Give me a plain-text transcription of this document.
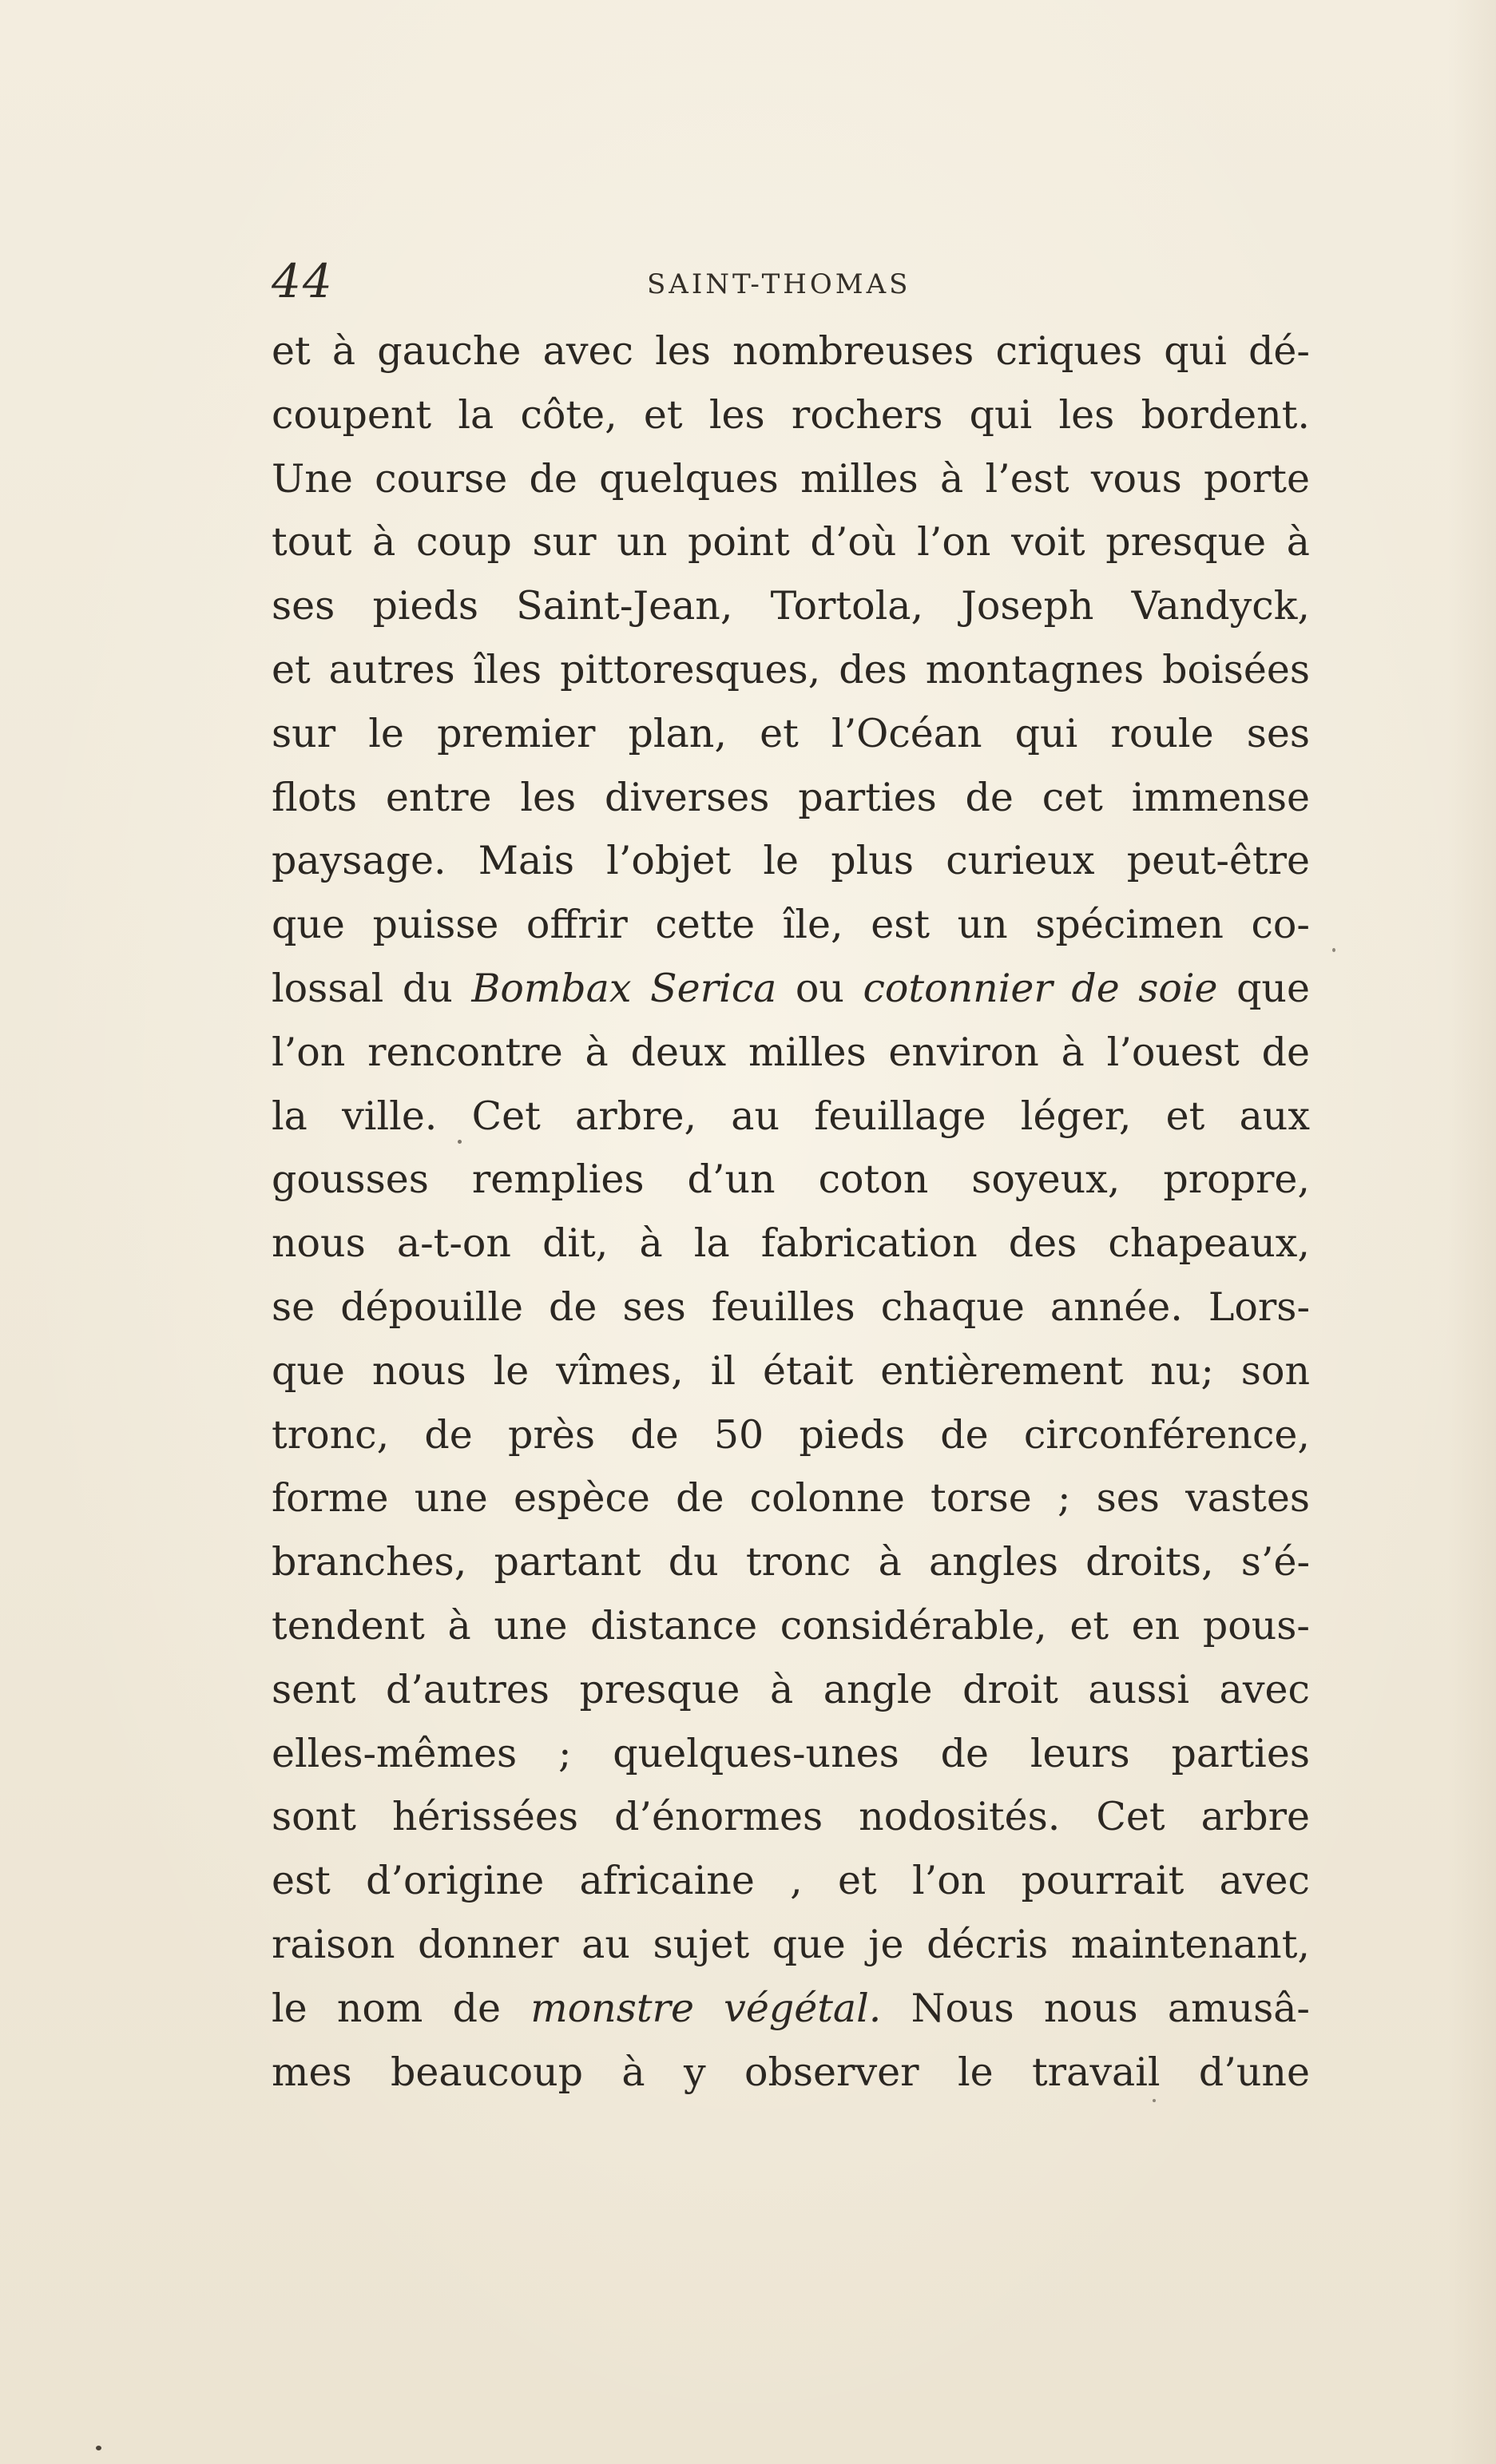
44	SAINT-THOMAS
et à gauche avec les nombreuses criques qui dé-
coupent la côte, et les rochers qui les bordent.
Une course de quelques milles à l’est vous porte
tout à coup sur un point d’où l’on voit presque à
ses pieds Saint-Jean, Tortola, Joseph Vandyck,
et autres îles pittoresques, des montagnes boisées
sur le premier plan, et l’Océan qui roule ses
flots entre les diverses parties de cet immense
paysage. Mais l’objet le plus curieux peut-être
que puisse offrir cette île, est un spécimen co-
lossal du Bombax Serica ou cotonnier de soie que
l’on rencontre à deux milles environ à l’ouest de
la ville. Cet arbre, au feuillage léger, et aux
gousses remplies d’un coton soyeux, propre,
nous a-t-on dit, à la fabrication des chapeaux,
se dépouille de ses feuilles chaque année. Lors-
que nous le vîmes, il était entièrement nu; son
tronc, de près de 50 pieds de circonférence,
forme une espèce de colonne torse ; ses vastes
branches, partant du tronc à angles droits, s’é-
tendent à une distance considérable, et en pous-
sent d’autres presque à angle droit aussi avec
elles-mêmes ; quelques-unes de leurs parties
sont hérissées d’énormes nodosités. Cet arbre
est d’origine africaine , et l’on pourrait avec
raison donner au sujet que je décris maintenant,
le nom de monstre végétal. Nous nous amusâ-
mes beaucoup à y observer le travail d’une
